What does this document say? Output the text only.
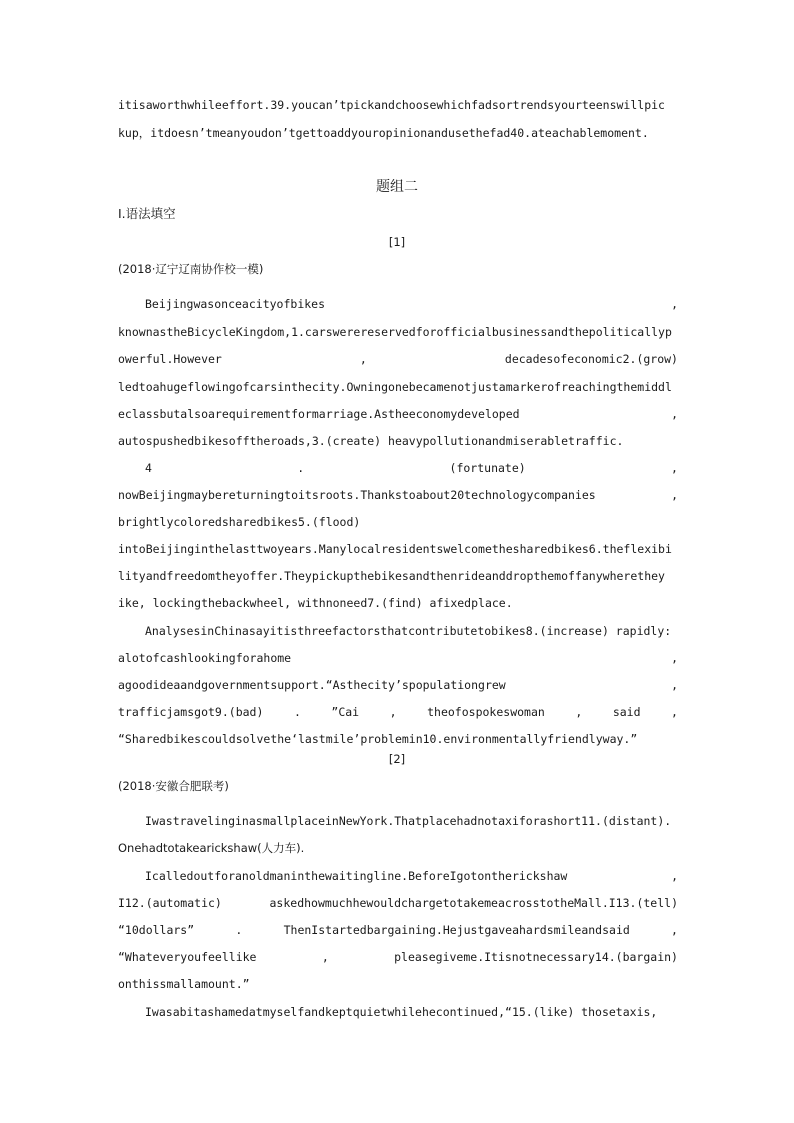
itisaworthwhileeffort.39.youcan’tpickandchoosewhichfadsortrendsyourteenswillpic
kup，itdoesn’tmeanyoudon’tgettoaddyouropinionandusethefad40.ateachablemoment.
题组二
Ⅰ.语法填空
[1]
(2018·辽宁辽南协作校一模)
Beijingwasonceacityofbikes	,
knownastheBicycleKingdom,1.carswerereservedforofficialbusinessandthepoliticallyp
owerful.However	,	decadesofeconomic2.(grow)
ledtoahugeflowingofcarsinthecity.Owningonebecamenotjustamarkerofreachingthemiddl
eclassbutalsoarequirementformarriage.Astheeconomydeveloped	,
autospushedbikesofftheroads,3.(create) heavypollutionandmiserabletraffic.
4	.	(fortunate)	,
nowBeijingmaybereturningtoitsroots.Thankstoabout20technologycompanies	,
brightlycoloredsharedbikes5.(flood)
intoBeijinginthelasttwoyears.Manylocalresidentswelcomethesharedbikes6.theflexibi
lityandfreedomtheyoffer.Theypickupthebikesandthenrideanddropthemoffanywherethey
ike, lockingthebackwheel, withnoneed7.(find) afixedplace.
AnalysesinChinasayitisthreefactorsthatcontributetobikes8.(increase) rapidly:
alotofcashlookingforahome	,
agoodideaandgovernmentsupport.“Asthecity’spopulationgrew	,
trafficjamsgot9.(bad)	.	”Cai	,	theofospokeswoman	,	said	,
“Sharedbikescouldsolvethe‘lastmile’problemin10.environmentallyfriendlyway.”
[2]
(2018·安徽合肥联考)
IwastravelinginasmallplaceinNewYork.Thatplacehadnotaxiforashort11.(distant).
Onehadtotakearickshaw(人力车).
Icalledoutforanoldmaninthewaitingline.BeforeIgotontherickshaw	,
I12.(automatic)	askedhowmuchhewouldchargetotakemeacrosstotheMall.I13.(tell)
“10dollars”	.	ThenIstartedbargaining.Hejustgaveahardsmileandsaid	,
“Whateveryoufeellike	,	pleasegiveme.Itisnotnecessary14.(bargain)
onthissmallamount.”
Iwasabitashamedatmyselfandkeptquietwhilehecontinued,“15.(like) thosetaxis,
